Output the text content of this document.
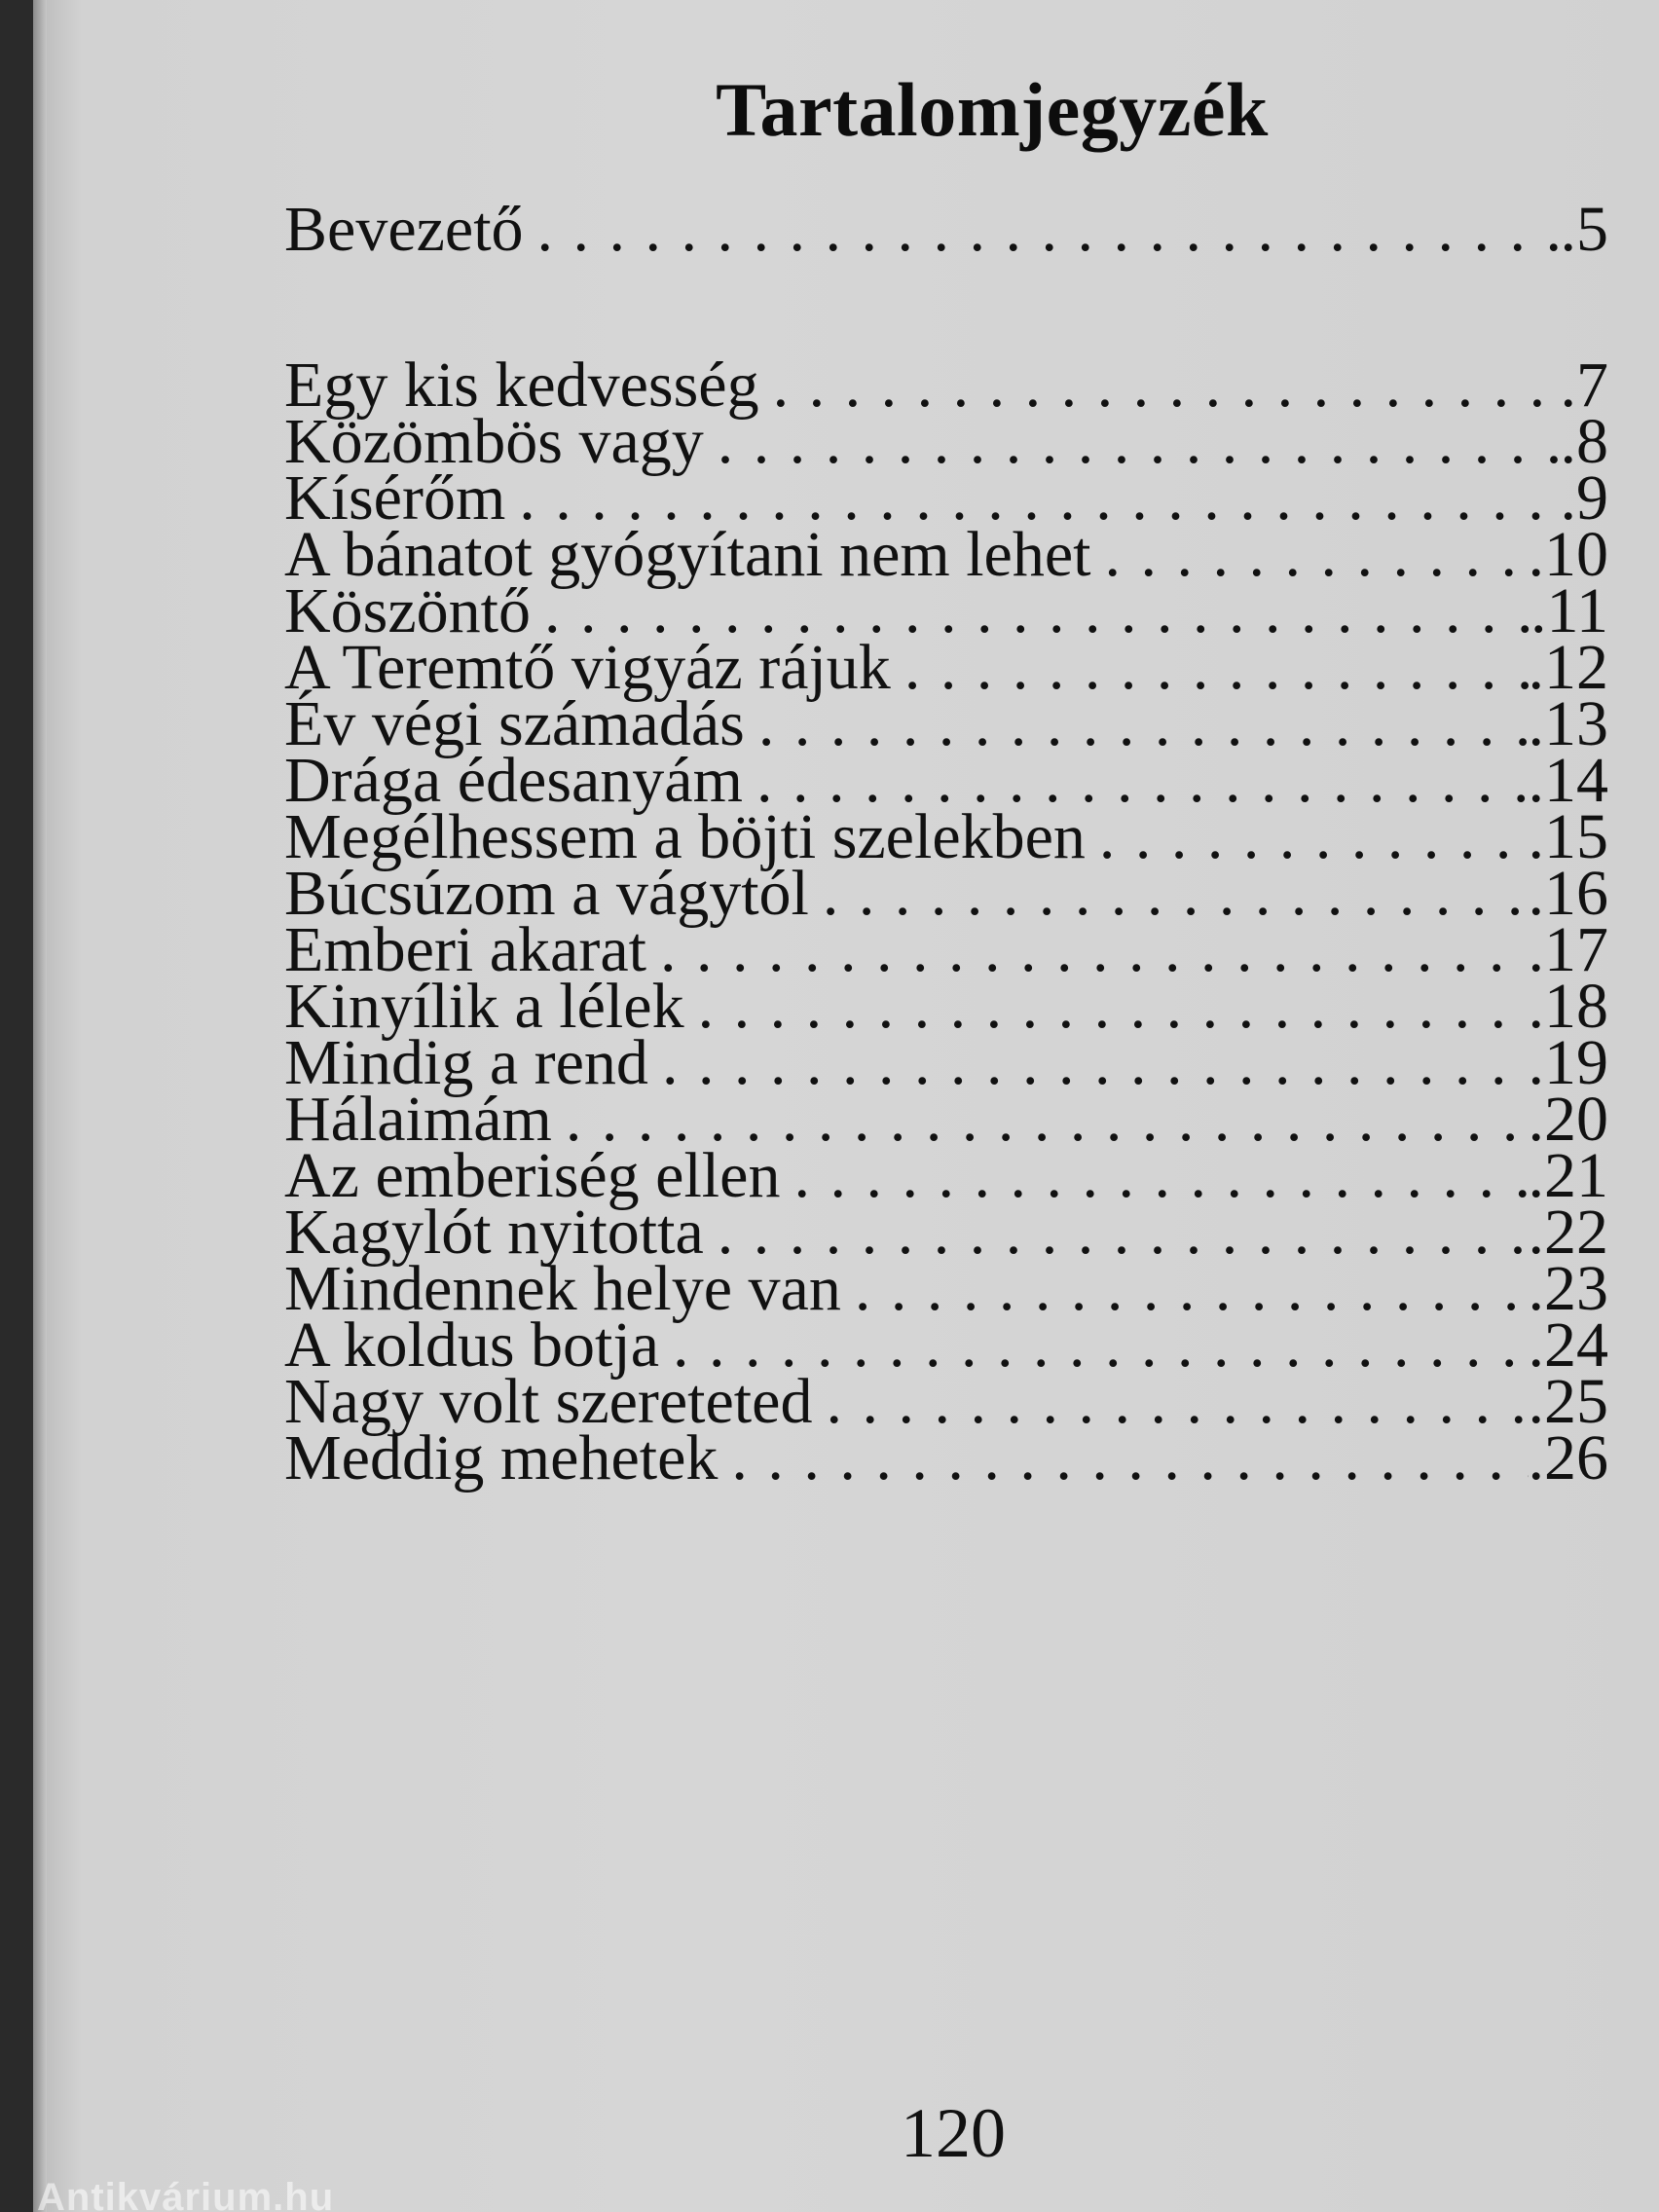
Tartalomjegyzék
Bevezető . . .	.5
Egy kis kedvesség . . .	.7
Közömbös vagy . . .	.8
Kísérőm . . .	.9
A bánatot gyógyítani nem lehet . . .	.10
Köszöntő . . .	.11
A Teremtő vigyáz rájuk . . .	.12
Év végi számadás . . .	.13
Drága édesanyám . . .	.14
Megélhessem a böjti szelekben . . .	.15
Búcsúzom a vágytól . . .	.16
Emberi akarat . . .	.17
Kinyílik a lélek . . .	.18
Mindig a rend . . .	.19
Hálaimám . . .	.20
Az emberiség ellen . . .	.21
Kagylót nyitotta . . .	.22
Mindennek helye van . . .	.23
A koldus botja . . .	.24
Nagy volt szereteted . . .	.25
Meddig mehetek . . .	.26
120
Antikvárium.hu
